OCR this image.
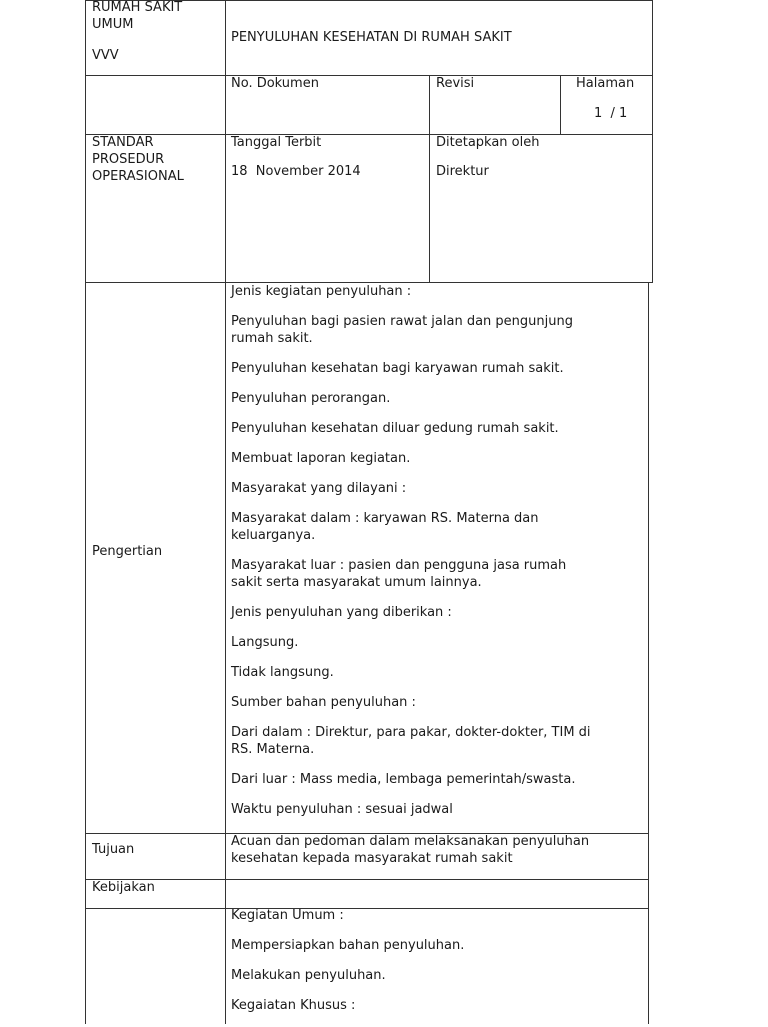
RUMAH SAKIT
UMUM
VVV
PENYULUHAN KESEHATAN DI RUMAH SAKIT
No. Dokumen	Revisi	Halaman
1  / 1
STANDAR
PROSEDUR
OPERASIONAL
Tanggal Terbit
18  November 2014
Ditetapkan oleh
Direktur
Pengertian
Jenis kegiatan penyuluhan :
Penyuluhan bagi pasien rawat jalan dan pengunjung
rumah sakit.
Penyuluhan kesehatan bagi karyawan rumah sakit.
Penyuluhan perorangan.
Penyuluhan kesehatan diluar gedung rumah sakit.
Membuat laporan kegiatan.
Masyarakat yang dilayani :
Masyarakat dalam : karyawan RS. Materna dan
keluarganya.
Masyarakat luar : pasien dan pengguna jasa rumah
sakit serta masyarakat umum lainnya.
Jenis penyuluhan yang diberikan :
Langsung.
Tidak langsung.
Sumber bahan penyuluhan :
Dari dalam : Direktur, para pakar, dokter-dokter, TIM di
RS. Materna.
Dari luar : Mass media, lembaga pemerintah/swasta.
Waktu penyuluhan : sesuai jadwal
Tujuan
Acuan dan pedoman dalam melaksanakan penyuluhan
kesehatan kepada masyarakat rumah sakit
Kebijakan
Kegiatan Umum :
Mempersiapkan bahan penyuluhan.
Melakukan penyuluhan.
Kegaiatan Khusus :
